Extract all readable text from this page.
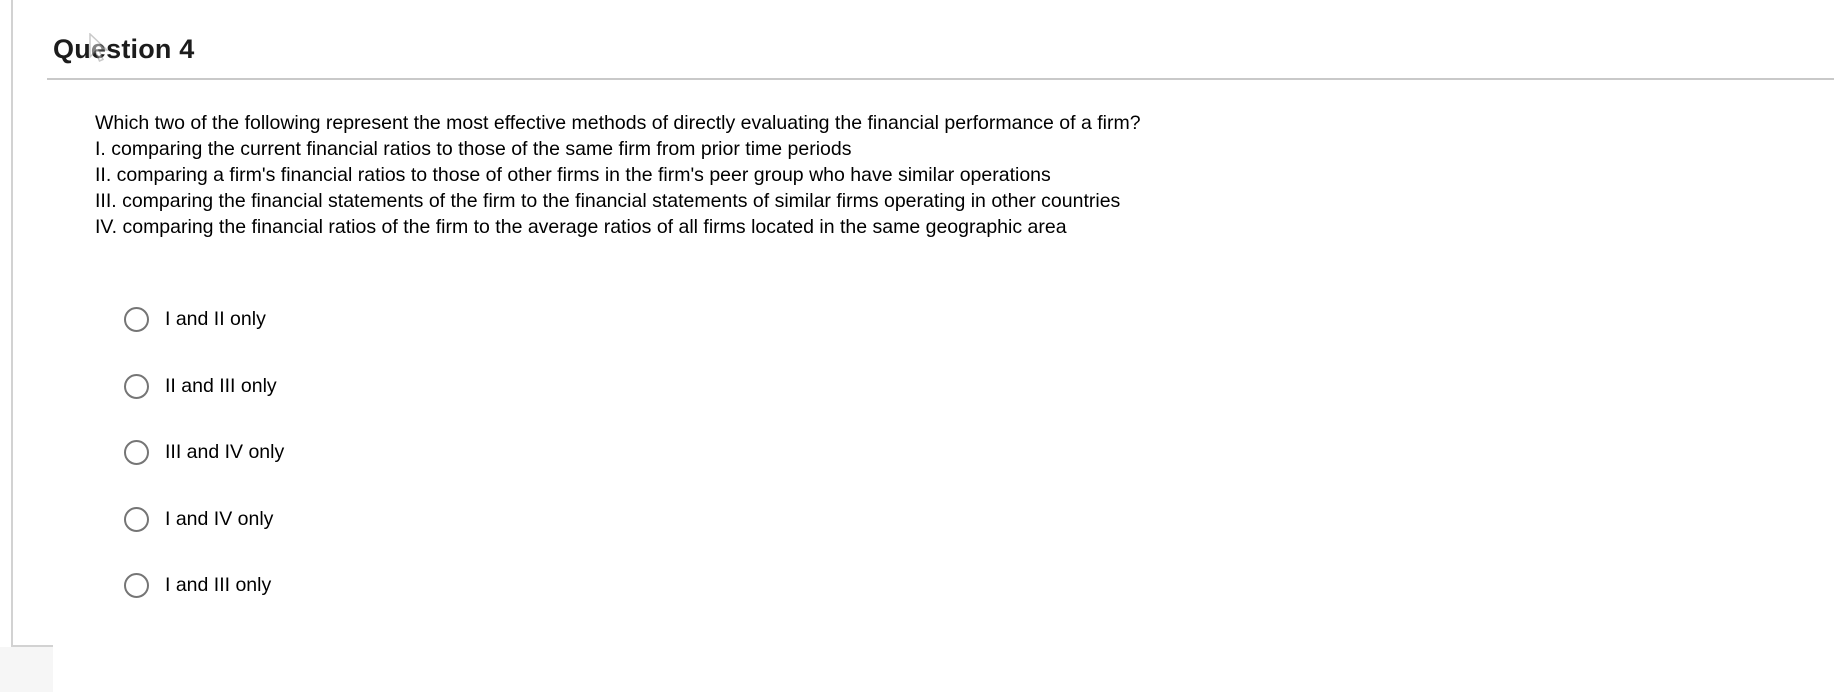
Question 4
Which two of the following represent the most effective methods of directly evaluating the financial performance of a firm?
I. comparing the current financial ratios to those of the same firm from prior time periods
II. comparing a firm's financial ratios to those of other firms in the firm's peer group who have similar operations
III. comparing the financial statements of the firm to the financial statements of similar firms operating in other countries
IV. comparing the financial ratios of the firm to the average ratios of all firms located in the same geographic area
I and II only
II and III only
III and IV only
I and IV only
I and III only
